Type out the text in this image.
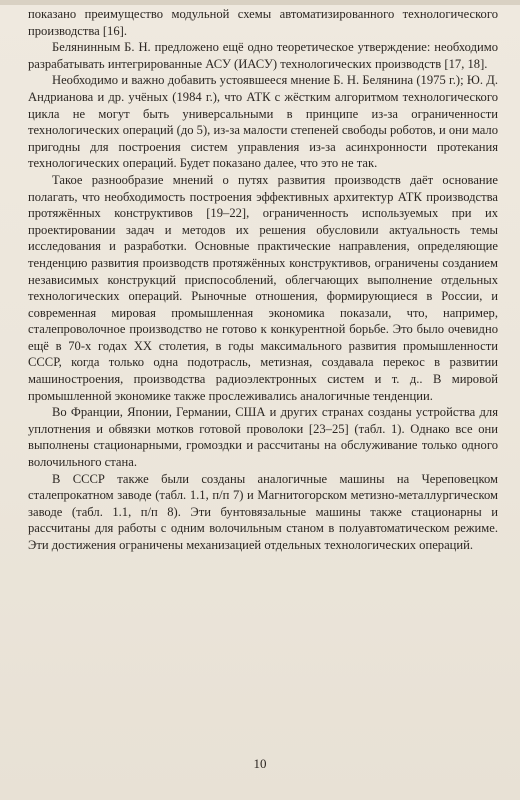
показано преимущество модульной схемы автоматизированного технологического производства [16].

Белянинным Б. Н. предложено ещё одно теоретическое утверждение: необходимо разрабатывать интегрированные АСУ (ИАСУ) технологических производств [17, 18].

Необходимо и важно добавить устоявшееся мнение Б. Н. Белянина (1975 г.); Ю. Д. Андрианова и др. учёных (1984 г.), что АТК с жёстким алгоритмом технологического цикла не могут быть универсальными в принципе из-за ограниченности технологических операций (до 5), из-за малости степеней свободы роботов, и они мало пригодны для построения систем управления из-за асинхронности протекания технологических операций. Будет показано далее, что это не так.

Такое разнообразие мнений о путях развития производств даёт основание полагать, что необходимость построения эффективных архитектур АТК производства протяжённых конструктивов [19–22], ограниченность используемых при их проектировании задач и методов их решения обусловили актуальность темы исследования и разработки. Основные практические направления, определяющие тенденцию развития производств протяжённых конструктивов, ограничены созданием независимых конструкций приспособлений, облегчающих выполнение отдельных технологических операций. Рыночные отношения, формирующиеся в России, и современная мировая промышленная экономика показали, что, например, сталепроволочное производство не готово к конкурентной борьбе. Это было очевидно ещё в 70-х годах XX столетия, в годы максимального развития промышленности СССР, когда только одна подотрасль, метизная, создавала перекос в развитии машиностроения, производства радиоэлектронных систем и т. д.. В мировой промышленной экономике также прослеживались аналогичные тенденции.

Во Франции, Японии, Германии, США и других странах созданы устройства для уплотнения и обвязки мотков готовой проволоки [23–25] (табл. 1). Однако все они выполнены стационарными, громоздки и рассчитаны на обслуживание только одного волочильного стана.

В СССР также были созданы аналогичные машины на Череповецком сталепрокатном заводе (табл. 1.1, п/п 7) и Магнитогорском метизно-металлургическом заводе (табл. 1.1, п/п 8). Эти бунтовязальные машины также стационарны и рассчитаны для работы с одним волочильным станом в полуавтоматическом режиме. Эти достижения ограничены механизацией отдельных технологических операций.

10
